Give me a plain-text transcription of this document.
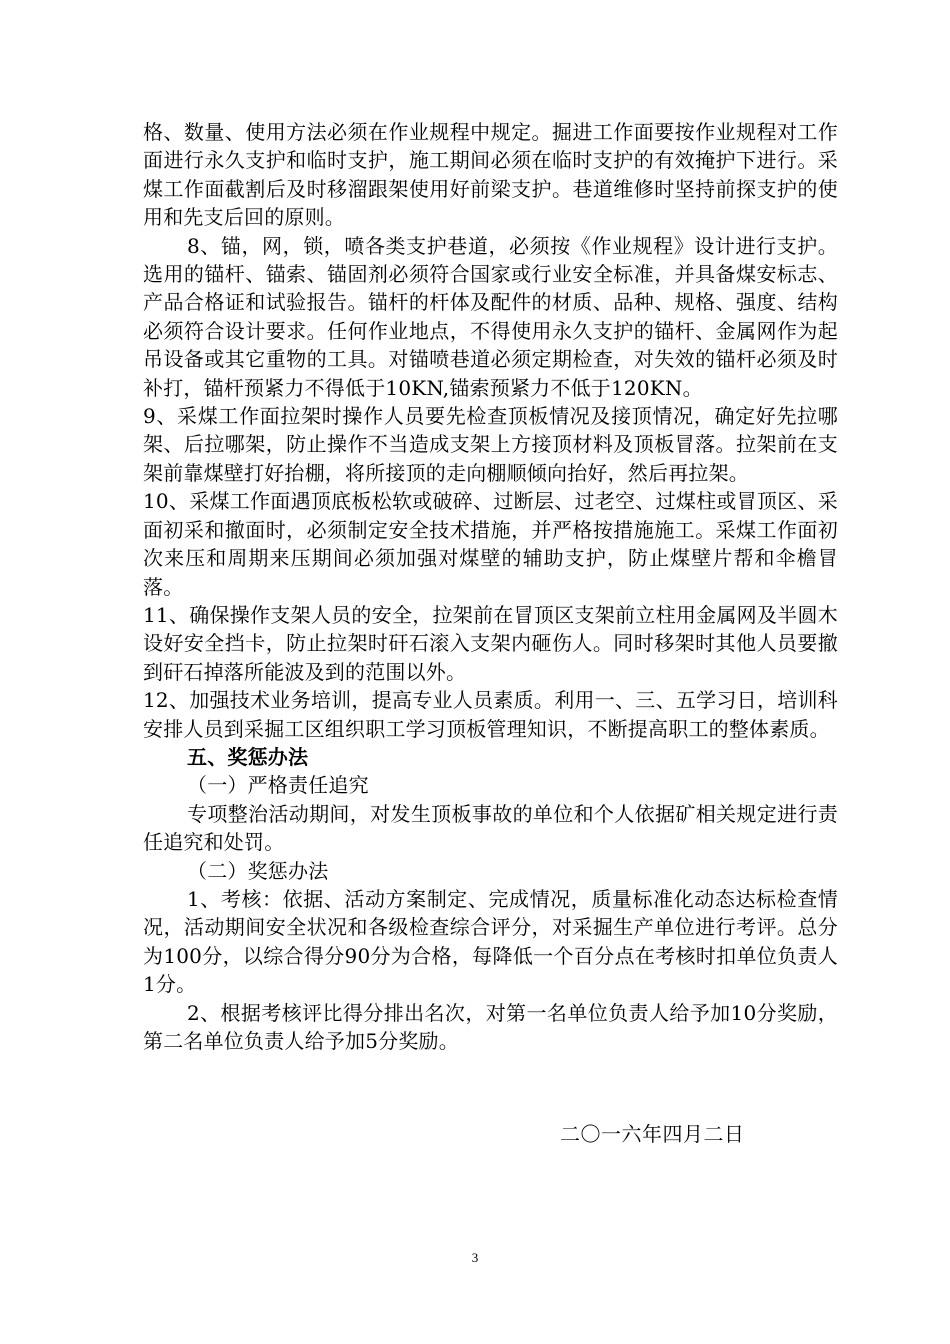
格、数量、使用方法必须在作业规程中规定。掘进工作面要按作业规程对工作面进行永久支护和临时支护，施工期间必须在临时支护的有效掩护下进行。采煤工作面截割后及时移溜跟架使用好前梁支护。巷道维修时坚持前探支护的使用和先支后回的原则。

8、锚，网，锁，喷各类支护巷道，必须按《作业规程》设计进行支护。选用的锚杆、锚索、锚固剂必须符合国家或行业安全标准，并具备煤安标志、产品合格证和试验报告。锚杆的杆体及配件的材质、品种、规格、强度、结构必须符合设计要求。任何作业地点，不得使用永久支护的锚杆、金属网作为起吊设备或其它重物的工具。对锚喷巷道必须定期检查，对失效的锚杆必须及时补打，锚杆预紧力不得低于10KN,锚索预紧力不低于120KN。

9、采煤工作面拉架时操作人员要先检查顶板情况及接顶情况，确定好先拉哪架、后拉哪架，防止操作不当造成支架上方接顶材料及顶板冒落。拉架前在支架前靠煤壁打好抬棚，将所接顶的走向棚顺倾向抬好，然后再拉架。

10、采煤工作面遇顶底板松软或破碎、过断层、过老空、过煤柱或冒顶区、采面初采和撤面时，必须制定安全技术措施，并严格按措施施工。采煤工作面初次来压和周期来压期间必须加强对煤壁的辅助支护，防止煤壁片帮和伞檐冒落。

11、确保操作支架人员的安全，拉架前在冒顶区支架前立柱用金属网及半圆木设好安全挡卡，防止拉架时矸石滚入支架内砸伤人。同时移架时其他人员要撤到矸石掉落所能波及到的范围以外。

12、加强技术业务培训，提高专业人员素质。利用一、三、五学习日，培训科安排人员到采掘工区组织职工学习顶板管理知识，不断提高职工的整体素质。

五、奖惩办法

（一）严格责任追究

专项整治活动期间，对发生顶板事故的单位和个人依据矿相关规定进行责任追究和处罚。

（二）奖惩办法

1、考核：依据、活动方案制定、完成情况，质量标准化动态达标检查情况，活动期间安全状况和各级检查综合评分，对采掘生产单位进行考评。总分为100分，以综合得分90分为合格，每降低一个百分点在考核时扣单位负责人1分。

2、根据考核评比得分排出名次，对第一名单位负责人给予加10分奖励，第二名单位负责人给予加5分奖励。

二〇一六年四月二日
3
